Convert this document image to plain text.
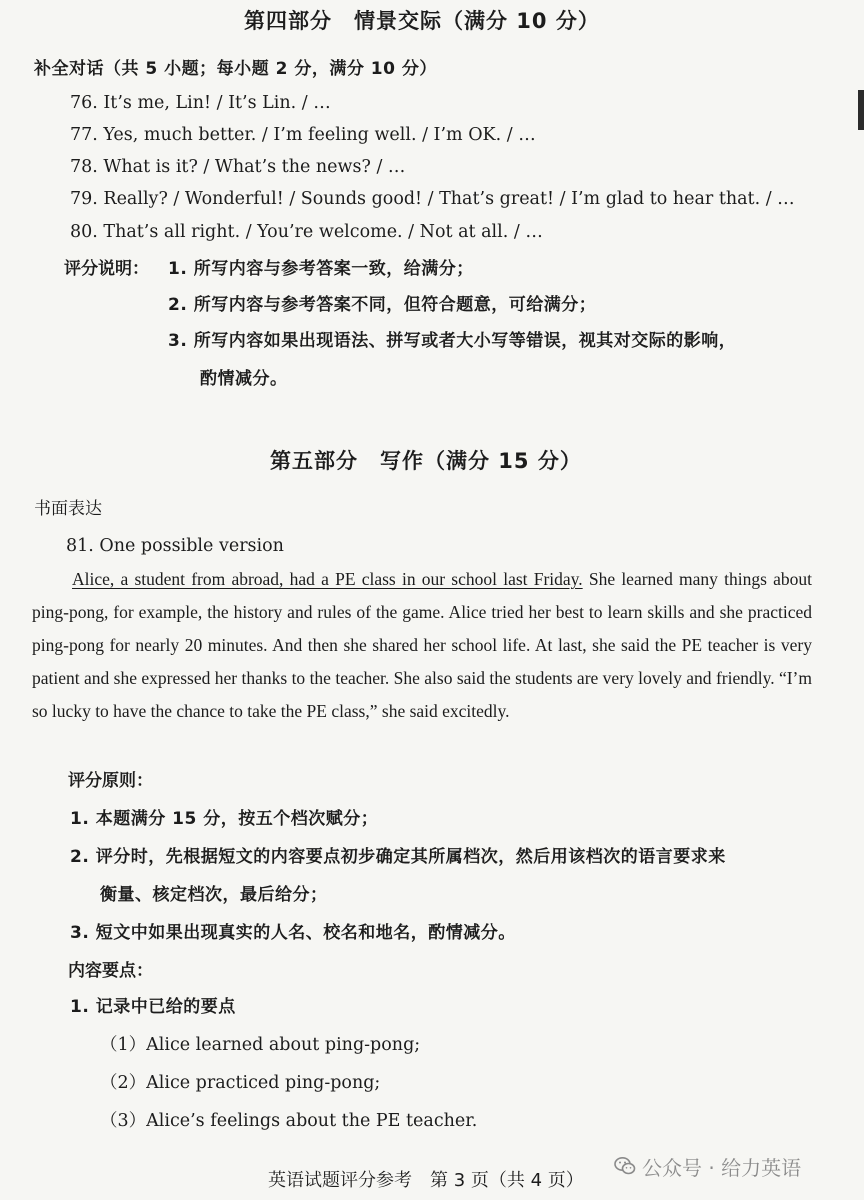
第四部分　情景交际（满分 10 分）
补全对话（共 5 小题；每小题 2 分，满分 10 分）
76. It’s me, Lin! / It’s Lin. / …
77. Yes, much better. / I’m feeling well. / I’m OK. / …
78. What is it? / What’s the news? / …
79. Really? / Wonderful! / Sounds good! / That’s great! / I’m glad to hear that. / …
80. That’s all right. / You’re welcome. / Not at all. / …
评分说明： 1. 所写内容与参考答案一致，给满分；
2. 所写内容与参考答案不同，但符合题意，可给满分；
3. 所写内容如果出现语法、拼写或者大小写等错误，视其对交际的影响，
酌情减分。
第五部分　写作（满分 15 分）
书面表达
81. One possible version
Alice, a student from abroad, had a PE class in our school last Friday. She learned many things about ping-pong, for example, the history and rules of the game. Alice tried her best to learn skills and she practiced ping-pong for nearly 20 minutes. And then she shared her school life. At last, she said the PE teacher is very patient and she expressed her thanks to the teacher. She also said the students are very lovely and friendly. “I’m so lucky to have the chance to take the PE class,” she said excitedly.
评分原则：
1. 本题满分 15 分，按五个档次赋分；
2. 评分时，先根据短文的内容要点初步确定其所属档次，然后用该档次的语言要求来
衡量、核定档次，最后给分；
3. 短文中如果出现真实的人名、校名和地名，酌情减分。
内容要点：
1. 记录中已给的要点
（1）Alice learned about ping-pong;
（2）Alice practiced ping-pong;
（3）Alice’s feelings about the PE teacher.
英语试题评分参考　第 3 页（共 4 页）
公众号 · 给力英语
